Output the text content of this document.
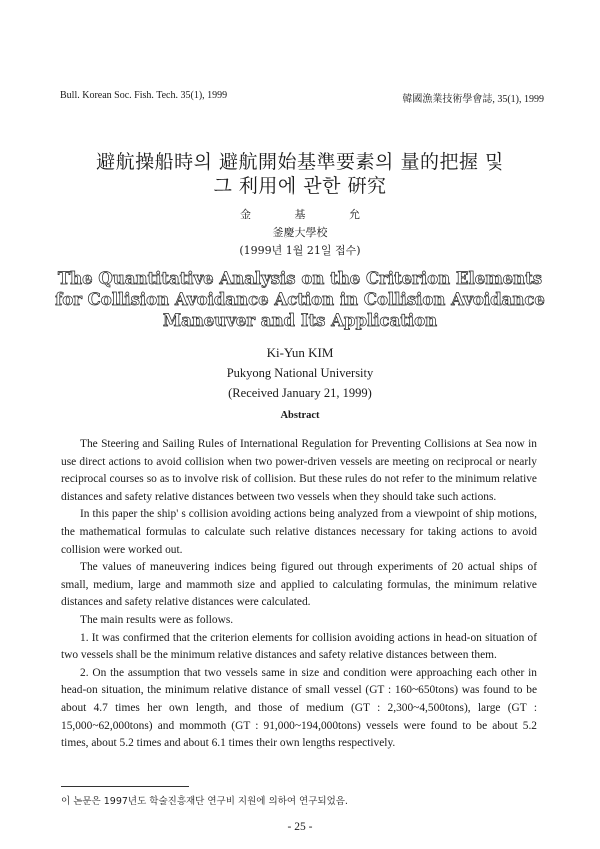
Bull. Korean Soc. Fish. Tech. 35(1), 1999	韓國漁業技術學會誌, 35(1), 1999
避航操船時의 避航開始基準要素의 量的把握 및
그 利用에 관한 硏究
金 基 允
釜慶大學校
(1999년 1월 21일 접수)
The Quantitative Analysis on the Criterion Elements
for Collision Avoidance Action in Collision Avoidance
Maneuver and Its Application
Ki-Yun KIM
Pukyong National University
(Received January 21, 1999)
Abstract

The Steering and Sailing Rules of International Regulation for Preventing Collisions at Sea now in use direct actions to avoid collision when two power-driven vessels are meeting on reciprocal or nearly reciprocal courses so as to involve risk of collision. But these rules do not refer to the minimum relative distances and safety relative distances between two vessels when they should take such actions.

In this paper the ship' s collision avoiding actions being analyzed from a viewpoint of ship motions, the mathematical formulas to calculate such relative distances necessary for taking actions to avoid collision were worked out.

The values of maneuvering indices being figured out through experiments of 20 actual ships of small, medium, large and mammoth size and applied to calculating formulas, the minimum relative distances and safety relative distances were calculated.

The main results were as follows.

1. It was confirmed that the criterion elements for collision avoiding actions in head-on situation of two vessels shall be the minimum relative distances and safety relative distances between them.

2. On the assumption that two vessels same in size and condition were approaching each other in head-on situation, the minimum relative distance of small vessel (GT : 160~650tons) was found to be about 4.7 times her own length, and those of medium (GT : 2,300~4,500tons), large (GT : 15,000~62,000tons) and mommoth (GT : 91,000~194,000tons) vessels were found to be about 5.2 times, about 5.2 times and about 6.1 times their own lengths respectively.

이 논문은 1997년도 학술진흥재단 연구비 지원에 의하여 연구되었음.
- 25 -
